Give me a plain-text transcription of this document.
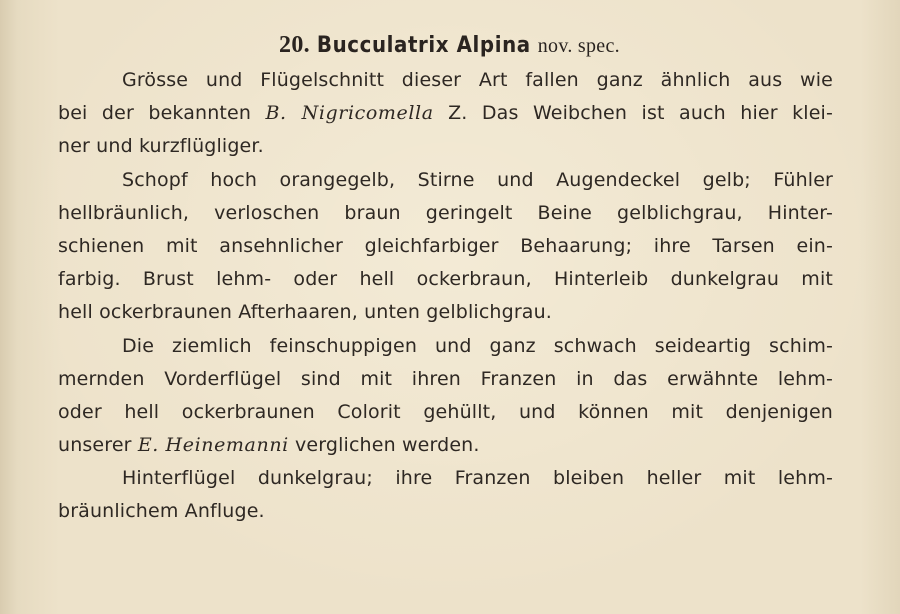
20. Bucculatrix Alpina nov. spec.
Grösse und Flügelschnitt dieser Art fallen ganz ähnlich aus wie
bei der bekannten B. Nigricomella Z. Das Weibchen ist auch hier klei-
ner und kurzflügliger.
Schopf hoch orangegelb, Stirne und Augendeckel gelb; Fühler
hellbräunlich, verloschen braun geringelt Beine gelblichgrau, Hinter-
schienen mit ansehnlicher gleichfarbiger Behaarung; ihre Tarsen ein-
farbig. Brust lehm- oder hell ockerbraun, Hinterleib dunkelgrau mit
hell ockerbraunen Afterhaaren, unten gelblichgrau.
Die ziemlich feinschuppigen und ganz schwach seideartig schim-
mernden Vorderflügel sind mit ihren Franzen in das erwähnte lehm-
oder hell ockerbraunen Colorit gehüllt, und können mit denjenigen
unserer E. Heinemanni verglichen werden.
Hinterflügel dunkelgrau; ihre Franzen bleiben heller mit lehm-
bräunlichem Anfluge.
